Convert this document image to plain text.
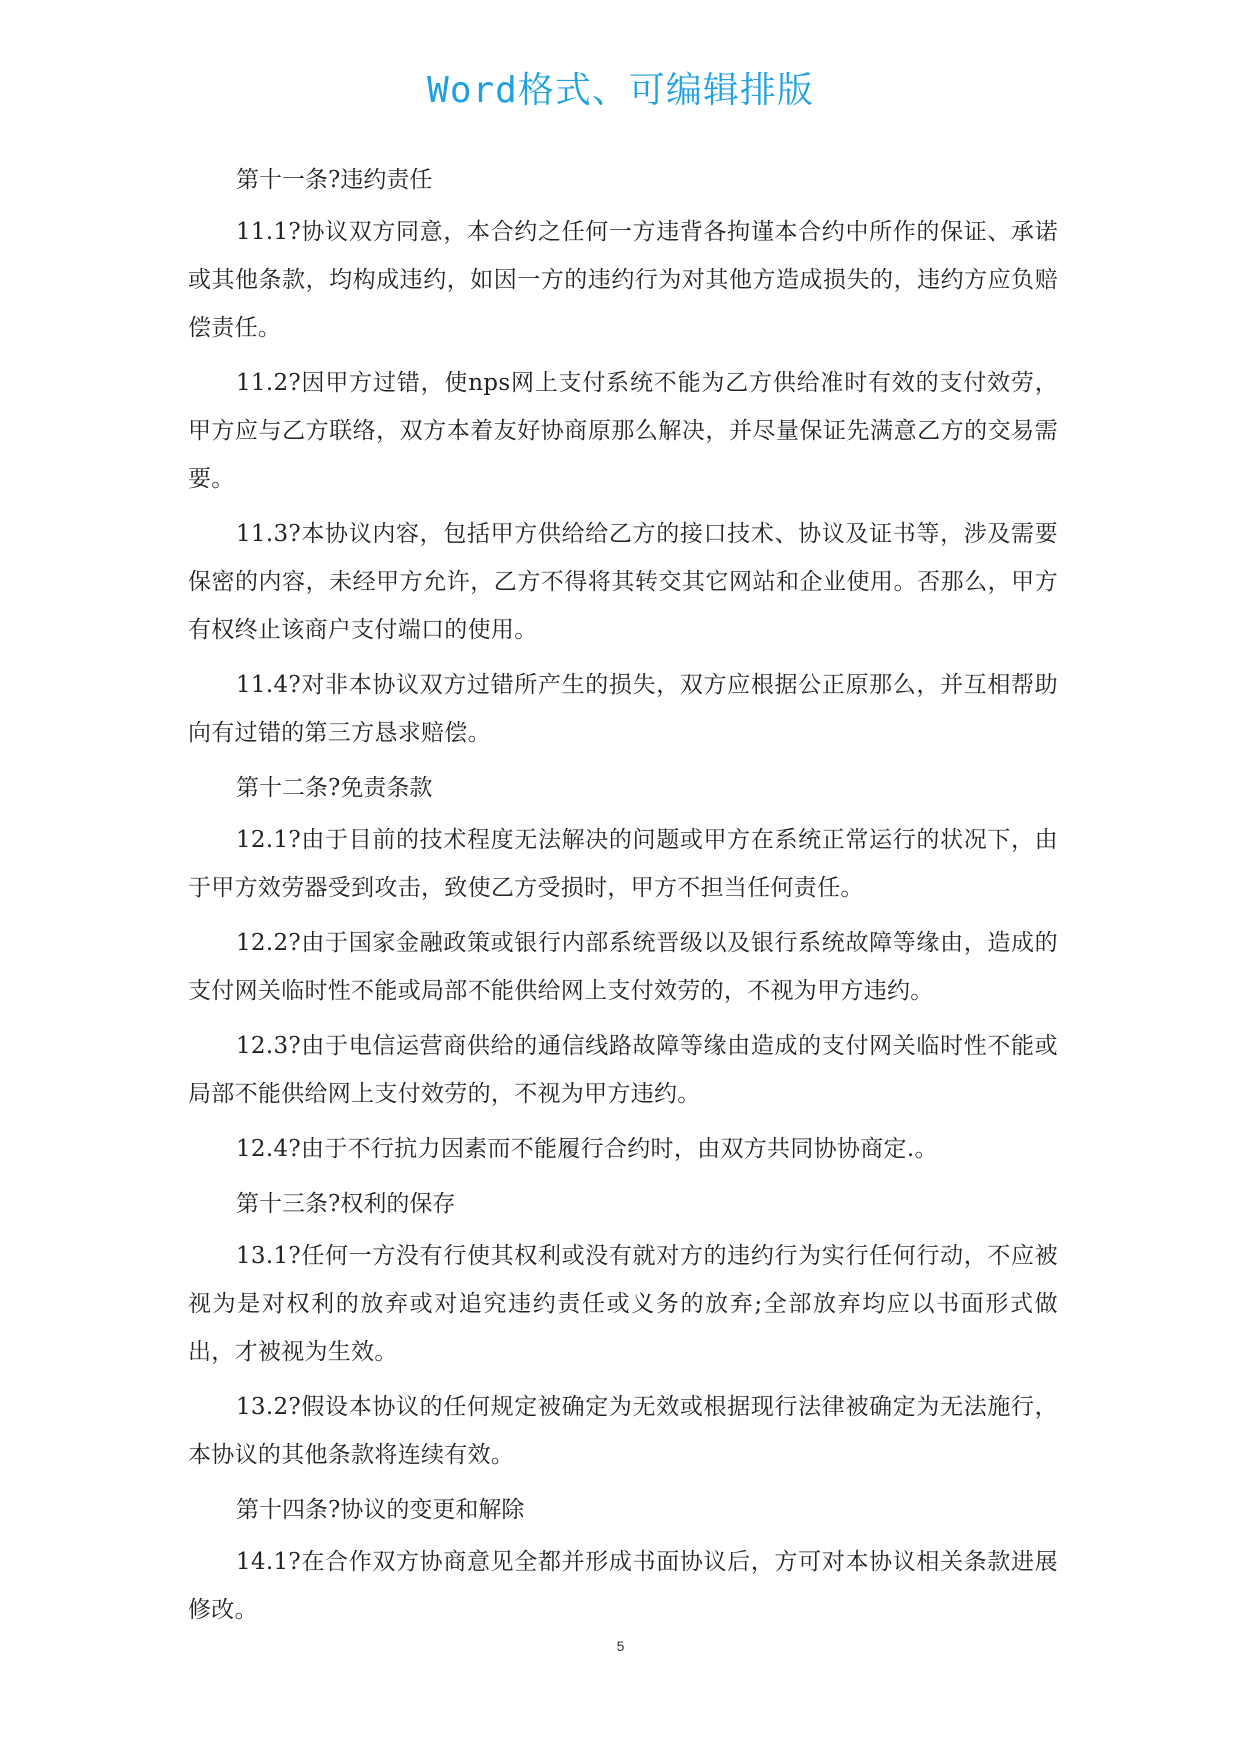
Word格式、可编辑排版
第十一条?违约责任
11.1?协议双方同意，本合约之任何一方违背各拘谨本合约中所作的保证、承诺或其他条款，均构成违约，如因一方的违约行为对其他方造成损失的，违约方应负赔偿责任。
11.2?因甲方过错，使nps网上支付系统不能为乙方供给准时有效的支付效劳，甲方应与乙方联络，双方本着友好协商原那么解决，并尽量保证先满意乙方的交易需要。
11.3?本协议内容，包括甲方供给给乙方的接口技术、协议及证书等，涉及需要保密的内容，未经甲方允许，乙方不得将其转交其它网站和企业使用。否那么，甲方有权终止该商户支付端口的使用。
11.4?对非本协议双方过错所产生的损失，双方应根据公正原那么，并互相帮助向有过错的第三方恳求赔偿。
第十二条?免责条款
12.1?由于目前的技术程度无法解决的问题或甲方在系统正常运行的状况下，由于甲方效劳器受到攻击，致使乙方受损时，甲方不担当任何责任。
12.2?由于国家金融政策或银行内部系统晋级以及银行系统故障等缘由，造成的支付网关临时性不能或局部不能供给网上支付效劳的，不视为甲方违约。
12.3?由于电信运营商供给的通信线路故障等缘由造成的支付网关临时性不能或局部不能供给网上支付效劳的，不视为甲方违约。
12.4?由于不行抗力因素而不能履行合约时，由双方共同协协商定.。
第十三条?权利的保存
13.1?任何一方没有行使其权利或没有就对方的违约行为实行任何行动，不应被视为是对权利的放弃或对追究违约责任或义务的放弃;全部放弃均应以书面形式做出，才被视为生效。
13.2?假设本协议的任何规定被确定为无效或根据现行法律被确定为无法施行，本协议的其他条款将连续有效。
第十四条?协议的变更和解除
14.1?在合作双方协商意见全都并形成书面协议后，方可对本协议相关条款进展修改。
5
